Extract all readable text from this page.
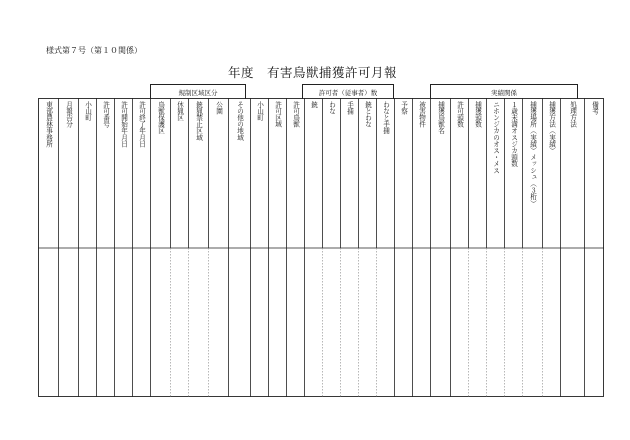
様式第７号（第１０関係）
年度　有害鳥獣捕獲許可月報
規制区域区分	許可者（従事者）数	実績関係
東部農林事務所 月報告分 小山町 許可番号 許可開始年月日 許可終了年月日 鳥獣保護区 休猟区 銃猟禁止区域 公園 その他の地域 小山町 許可区域 許可鳥獣 銃 わな 手捕 銃とわな わなと手捕 予察 被害物件 捕獲鳥獣名 許可頭数 捕獲頭数 ニホンジカのオス・メス １歳未満オスジカ頭数 捕獲場所（実績）メッシュ（３桁） 捕獲方法（実績） 処理方法 備考
